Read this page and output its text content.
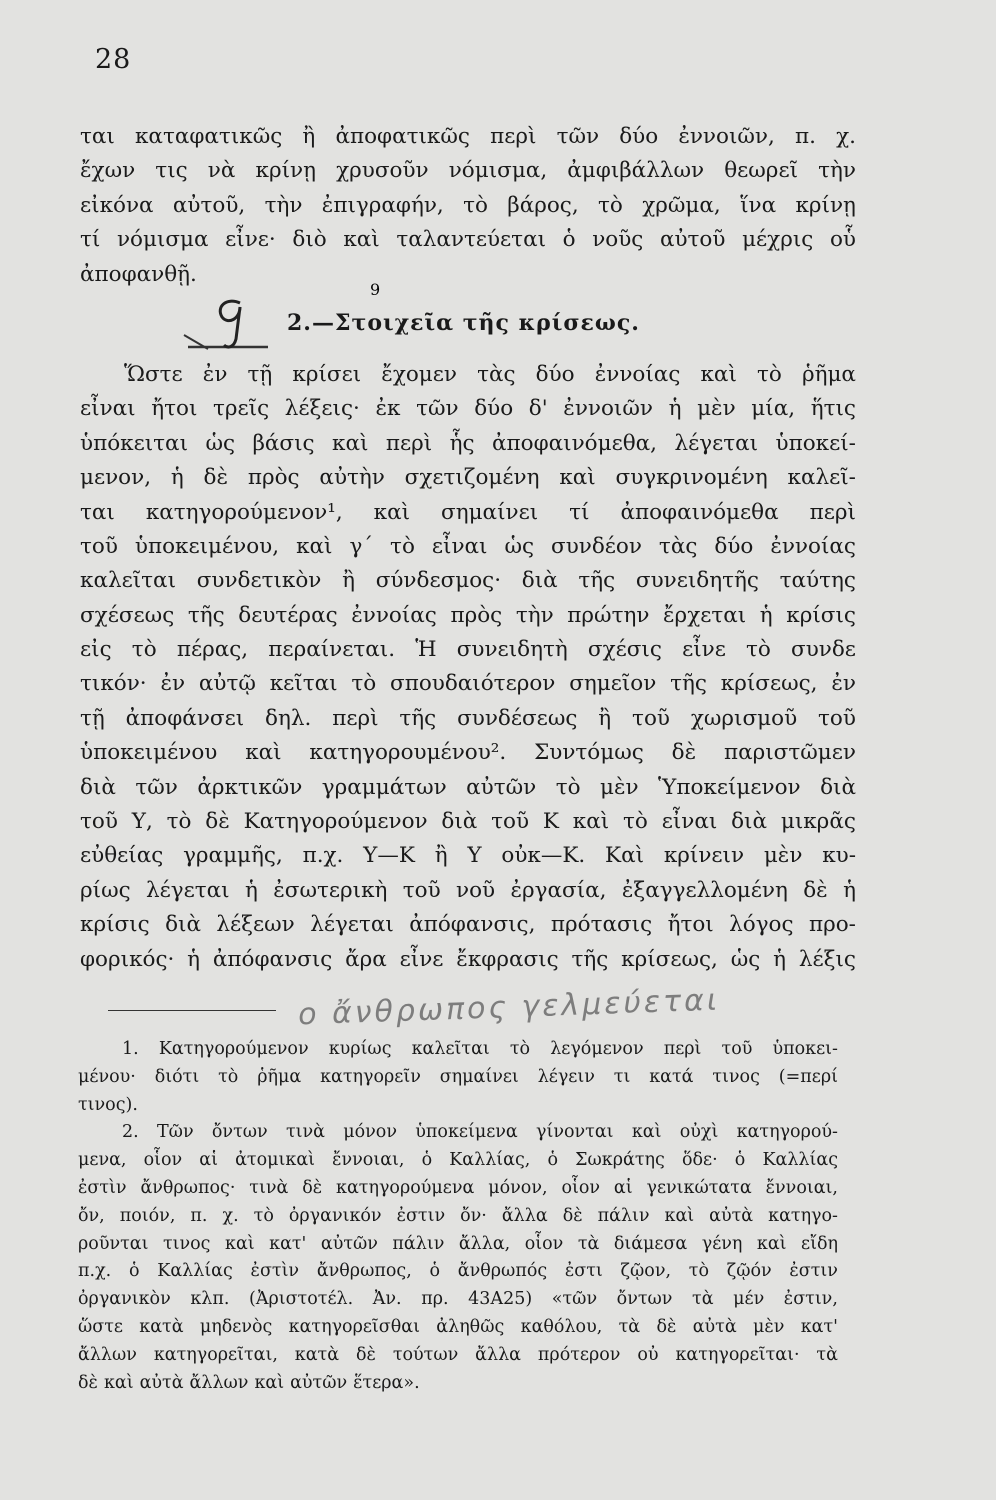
28
ται καταφατικῶς ἢ ἀποφατικῶς περὶ τῶν δύο ἐννοιῶν, π. χ.
ἔχων τις νὰ κρίνῃ χρυσοῦν νόμισμα, ἀμφιβάλλων θεωρεῖ τὴν
εἰκόνα αὐτοῦ, τὴν ἐπιγραφήν, τὸ βάρος, τὸ χρῶμα, ἵνα κρίνῃ
τί νόμισμα εἶνε· διὸ καὶ ταλαντεύεται ὁ νοῦς αὐτοῦ μέχρις οὗ
ἀποφανθῇ.
9
2.—Στοιχεῖα τῆς κρίσεως.
Ὥστε ἐν τῇ κρίσει ἔχομεν τὰς δύο ἐννοίας καὶ τὸ ῥῆμα
εἶναι ἤτοι τρεῖς λέξεις· ἐκ τῶν δύο δ' ἐννοιῶν ἡ μὲν μία, ἥτις
ὑπόκειται ὡς βάσις καὶ περὶ ἧς ἀποφαινόμεθα, λέγεται ὑποκεί-
μενον, ἡ δὲ πρὸς αὐτὴν σχετιζομένη καὶ συγκρινομένη καλεῖ-
ται κατηγορούμενον¹, καὶ σημαίνει τί ἀποφαινόμεθα περὶ
τοῦ ὑποκειμένου, καὶ γ΄ τὸ εἶναι ὡς συνδέον τὰς δύο ἐννοίας
καλεῖται συνδετικὸν ἢ σύνδεσμος· διὰ τῆς συνειδητῆς ταύτης
σχέσεως τῆς δευτέρας ἐννοίας πρὸς τὴν πρώτην ἔρχεται ἡ κρίσις
εἰς τὸ πέρας, περαίνεται. Ἡ συνειδητὴ σχέσις εἶνε τὸ συνδε
τικόν· ἐν αὐτῷ κεῖται τὸ σπουδαιότερον σημεῖον τῆς κρίσεως, ἐν
τῇ ἀποφάνσει δηλ. περὶ τῆς συνδέσεως ἢ τοῦ χωρισμοῦ τοῦ
ὑποκειμένου καὶ κατηγορουμένου². Συντόμως δὲ παριστῶμεν
διὰ τῶν ἀρκτικῶν γραμμάτων αὐτῶν τὸ μὲν Ὑποκείμενον διὰ
τοῦ Υ, τὸ δὲ Κατηγορούμενον διὰ τοῦ Κ καὶ τὸ εἶναι διὰ μικρᾶς
εὐθείας γραμμῆς, π.χ. Υ—Κ ἢ Υ οὐκ—Κ. Καὶ κρίνειν μὲν κυ-
ρίως λέγεται ἡ ἐσωτερικὴ τοῦ νοῦ ἐργασία, ἐξαγγελλομένη δὲ ἡ
κρίσις διὰ λέξεων λέγεται ἀπόφανσις, πρότασις ἤτοι λόγος προ-
φορικός· ἡ ἀπόφανσις ἄρα εἶνε ἔκφρασις τῆς κρίσεως, ὡς ἡ λέξις
ο ἄνθρωπος γελμεύεται
1. Κατηγορούμενον κυρίως καλεῖται τὸ λεγόμενον περὶ τοῦ ὑποκει-
μένου· διότι τὸ ῥῆμα κατηγορεῖν σημαίνει λέγειν τι κατά τινος (=περί
τινος).
2. Τῶν ὄντων τινὰ μόνον ὑποκείμενα γίνονται καὶ οὐχὶ κατηγορού-
μενα, οἷον αἱ ἀτομικαὶ ἔννοιαι, ὁ Καλλίας, ὁ Σωκράτης ὅδε· ὁ Καλλίας
ἐστὶν ἄνθρωπος· τινὰ δὲ κατηγορούμενα μόνον, οἷον αἱ γενικώτατα ἔννοιαι,
ὄν, ποιόν, π. χ. τὸ ὀργανικόν ἐστιν ὄν· ἄλλα δὲ πάλιν καὶ αὐτὰ κατηγο-
ροῦνται τινος καὶ κατ' αὐτῶν πάλιν ἄλλα, οἷον τὰ διάμεσα γένη καὶ εἴδη
π.χ. ὁ Καλλίας ἐστὶν ἄνθρωπος, ὁ ἄνθρωπός ἐστι ζῷον, τὸ ζῷόν ἐστιν
ὀργανικὸν κλπ. (Ἀριστοτέλ. Ἀν. πρ. 43Α25) «τῶν ὄντων τὰ μέν ἐστιν,
ὥστε κατὰ μηδενὸς κατηγορεῖσθαι ἀληθῶς καθόλου, τὰ δὲ αὐτὰ μὲν κατ'
ἄλλων κατηγορεῖται, κατὰ δὲ τούτων ἄλλα πρότερον οὐ κατηγορεῖται· τὰ
δὲ καὶ αὐτὰ ἄλλων καὶ αὐτῶν ἕτερα».
